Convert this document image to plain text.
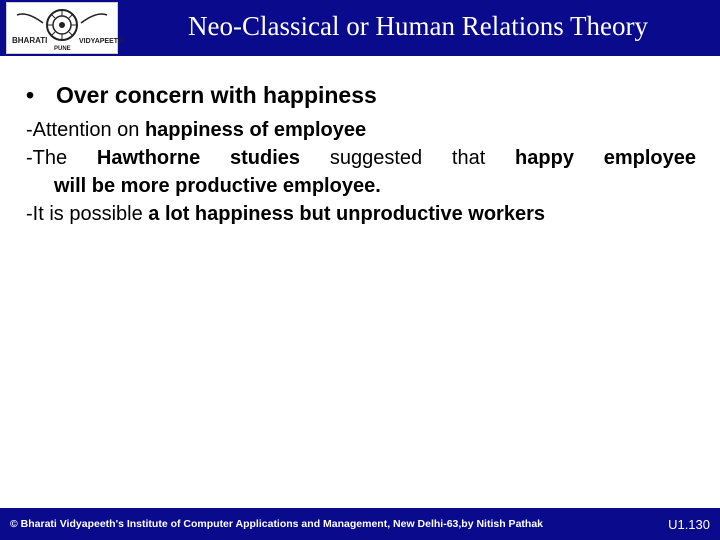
BHARATI	VIDYAPEETH
PUNE
Neo-Classical or Human Relations Theory
• Over concern with happiness

-Attention on happiness of employee

-The Hawthorne studies suggested that happy employee

will be more productive employee.

-It is possible a lot happiness but unproductive workers

© Bharati Vidyapeeth's Institute of Computer Applications and Management, New Delhi-63,by Nitish Pathak	U1.130
